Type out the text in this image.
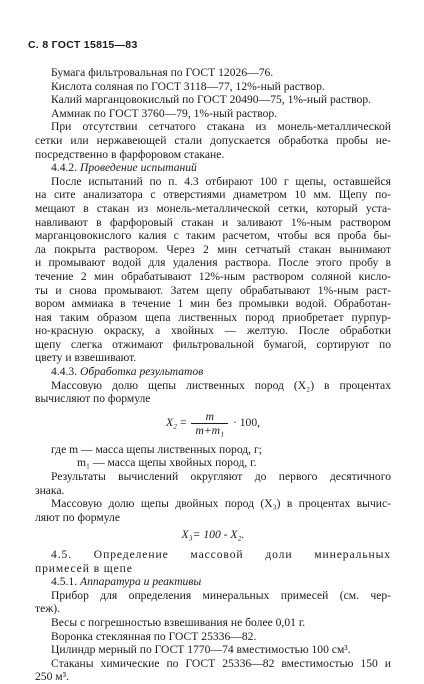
С. 8 ГОСТ 15815—83
Бумага фильтровальная по ГОСТ 12026—76.
Кислота соляная по ГОСТ 3118—77, 12%-ный раствор.
Калий марганцовокислый по ГОСТ 20490—75, 1%-ный раствор.
Аммиак по ГОСТ 3760—79, 1%-ный раствор.
При отсутствии сетчатого стакана из монель-металлической
сетки или нержавеющей стали допускается обработка пробы не-
посредственно в фарфоровом стакане.
4.4.2. Проведение испытаний
После испытаний по п. 4.3 отбирают 100 г щепы, оставшейся
на сите анализатора с отверстиями диаметром 10 мм. Щепу по-
мещают в стакан из монель-металлической сетки, который уста-
навливают в фарфоровый стакан и заливают 1%-ным раствором
марганцовокислого калия с таким расчетом, чтобы вся проба бы-
ла покрыта раствором. Через 2 мин сетчатый стакан вынимают
и промывают водой для удаления раствора. После этого пробу в
течение 2 мин обрабатывают 12%-ным раствором соляной кисло-
ты и снова промывают. Затем щепу обрабатывают 1%-ным раст-
вором аммиака в течение 1 мин без промывки водой. Обработан-
ная таким образом щепа лиственных пород приобретает пурпур-
но-красную окраску, а хвойных — желтую. После обработки
щепу слегка отжимают фильтровальной бумагой, сортируют по
цвету и взвешивают.
4.4.3. Обработка результатов
Массовую долю щепы лиственных пород (X₂) в процентах
вычисляют по формуле
$X_2 = \frac{m}{\text{m+m₁}} \cdot 100$,
где m — масса щепы лиственных пород, г;
m₁ — масса щепы хвойных пород, г.
Результаты вычислений округляют до первого десятичного
знака.
Массовую долю щепы двойных пород (X₃) в процентах вычис-
ляют по формуле
X₃= 100 - X₂.
4.5. Определение массовой доли минеральных
примесей в щепе
4.5.1. Аппаратура и реактивы
Прибор для определения минеральных примесей (см. чер-
теж).
Весы с погрешностью взвешивания не более 0,01 г.
Воронка стеклянная по ГОСТ 25336—82.
Цилиндр мерный по ГОСТ 1770—74 вместимостью 100 см³.
Стаканы химические по ГОСТ 25336—82 вместимостью 150 и
250 м³.
